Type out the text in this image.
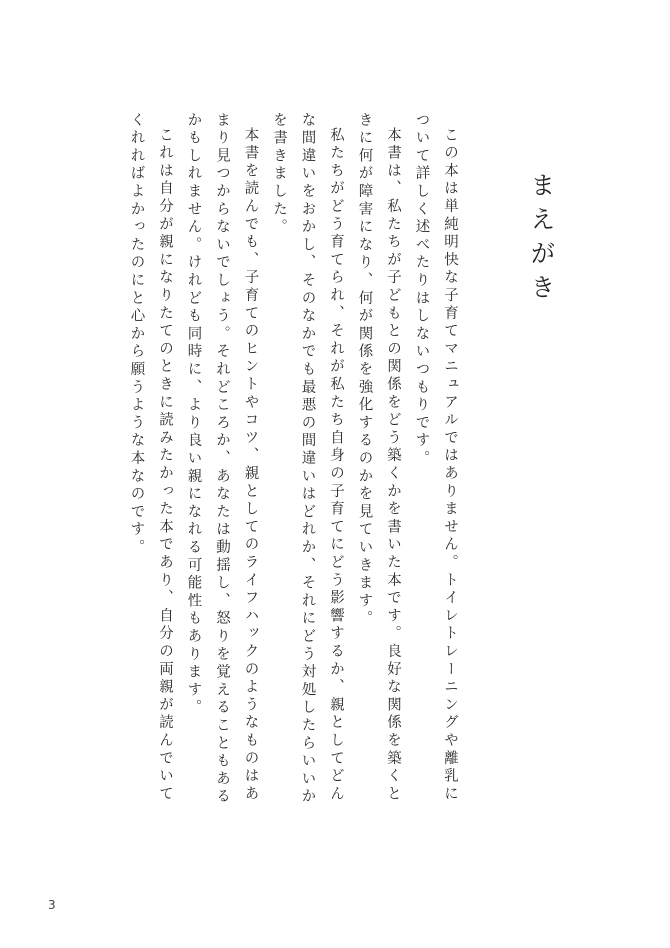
まえがき

この本は単純明快な子育てマニュアルではありません。トイレトレーニングや離乳について詳しく述べたりはしないつもりです。

本書は、私たちが子どもとの関係をどう築くかを書いた本です。良好な関係を築くときに何が障害になり、何が関係を強化するのかを見ていきます。

私たちがどう育てられ、それが私たち自身の子育てにどう影響するか、親としてどんな間違いをおかし、そのなかでも最悪の間違いはどれか、それにどう対処したらいいかを書きました。

本書を読んでも、子育てのヒントやコツ、親としてのライフハックのようなものはあまり見つからないでしょう。それどころか、あなたは動揺し、怒りを覚えることもあるかもしれません。けれども同時に、より良い親になれる可能性もあります。

これは自分が親になりたてのときに読みたかった本であり、自分の両親が読んでいてくれればよかったのにと心から願うような本なのです。

3
